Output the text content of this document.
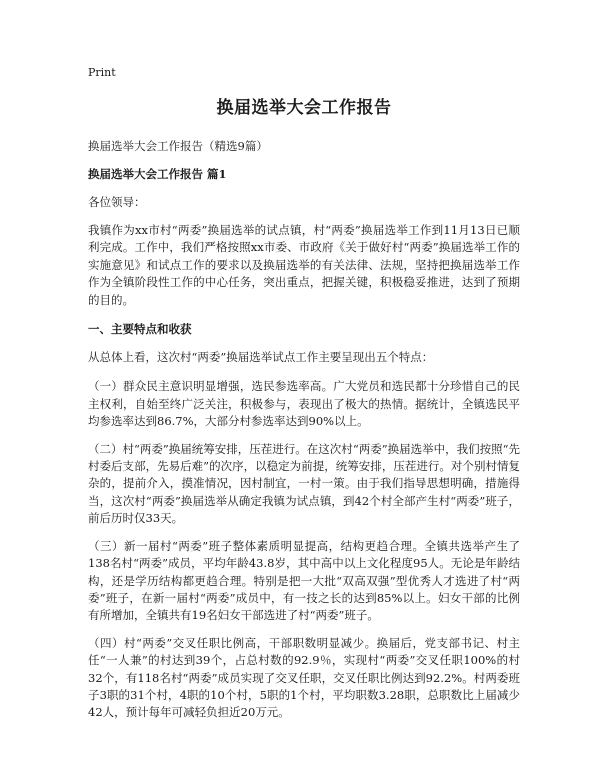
Print
换届选举大会工作报告
换届选举大会工作报告（精选9篇）
换届选举大会工作报告 篇1
各位领导：
我镇作为xx市村“两委”换届选举的试点镇，村“两委”换届选举工作到11月13日已顺利完成。工作中，我们严格按照xx市委、市政府《关于做好村“两委”换届选举工作的实施意见》和试点工作的要求以及换届选举的有关法律、法规，坚持把换届选举工作作为全镇阶段性工作的中心任务，突出重点，把握关键，积极稳妥推进，达到了预期的目的。
一、主要特点和收获
从总体上看，这次村“两委”换届选举试点工作主要呈现出五个特点：
（一）群众民主意识明显增强，选民参选率高。广大党员和选民都十分珍惜自己的民主权利，自始至终广泛关注，积极参与，表现出了极大的热情。据统计，全镇选民平均参选率达到86.7%，大部分村参选率达到90%以上。
（二）村“两委”换届统筹安排，压茬进行。在这次村“两委”换届选举中，我们按照“先村委后支部，先易后难”的次序，以稳定为前提，统筹安排，压茬进行。对个别村情复杂的，提前介入，摸准情况，因村制宜，一村一策。由于我们指导思想明确，措施得当，这次村“两委”换届选举从确定我镇为试点镇，到42个村全部产生村“两委”班子，前后历时仅33天。
（三）新一届村“两委”班子整体素质明显提高，结构更趋合理。全镇共选举产生了138名村“两委”成员，平均年龄43.8岁，其中高中以上文化程度95人。无论是年龄结构，还是学历结构都更趋合理。特别是把一大批“双高双强”型优秀人才选进了村“两委”班子，在新一届村“两委”成员中，有一技之长的达到85%以上。妇女干部的比例有所增加，全镇共有19名妇女干部选进了村“两委”班子。
（四）村“两委”交叉任职比例高，干部职数明显减少。换届后，党支部书记、村主任“一人兼”的村达到39个，占总村数的92.9％，实现村“两委”交叉任职100%的村32个，有118名村“两委”成员实现了交叉任职，交叉任职比例达到92.2%。村两委班子3职的31个村，4职的10个村，5职的1个村，平均职数3.28职，总职数比上届减少42人，预计每年可减轻负担近20万元。
